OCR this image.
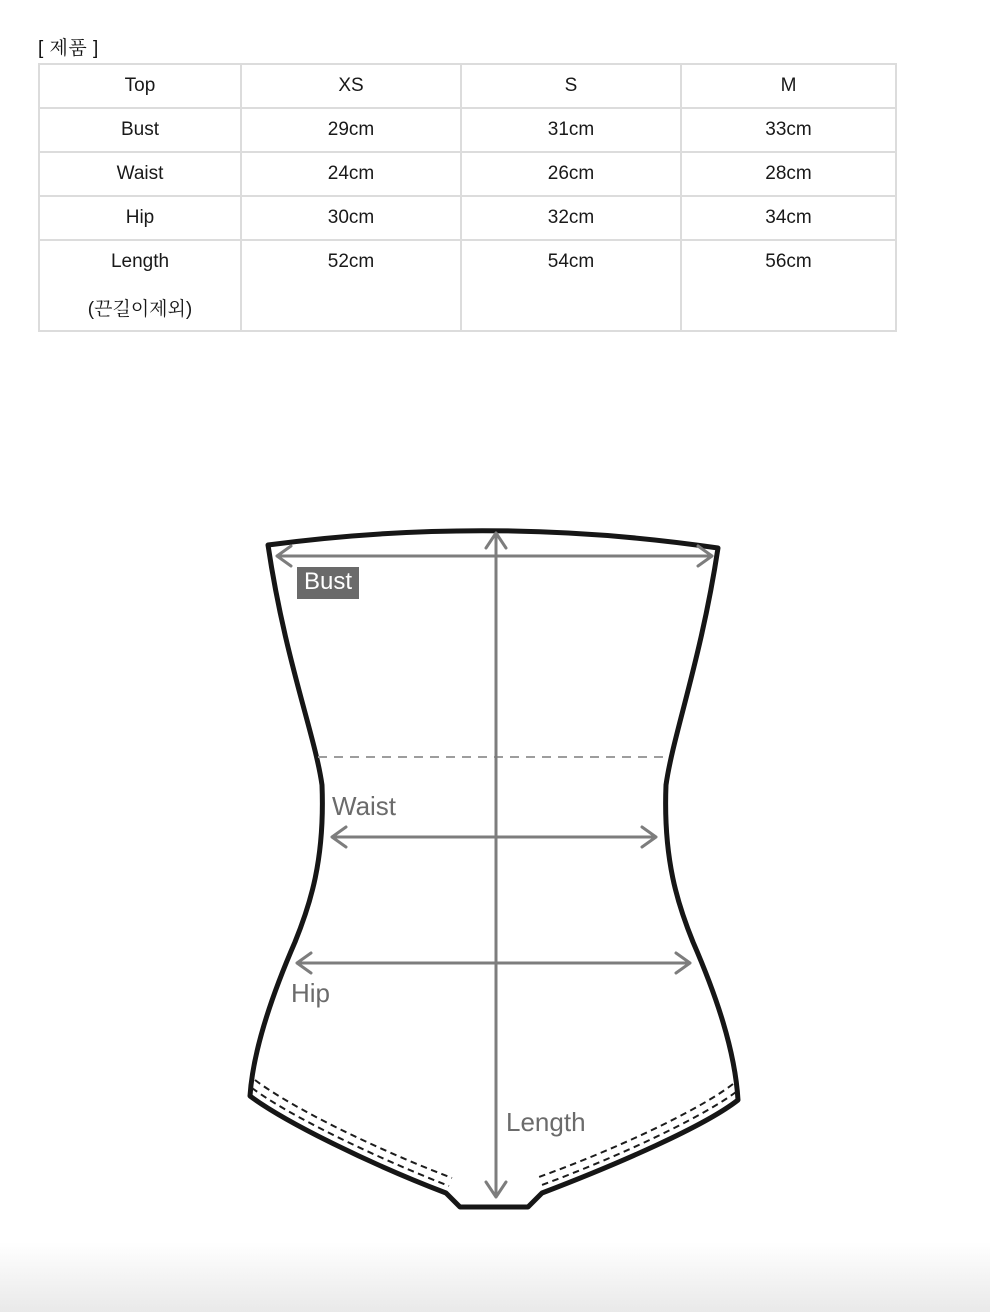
[ 제품 ]
Top	XS	S	M
Bust	29cm	31cm	33cm
Waist	24cm	26cm	28cm
Hip	30cm	32cm	34cm

Length
(끈길이제외)	52cm	54cm	56cm
Bust
Waist
Hip
Length
